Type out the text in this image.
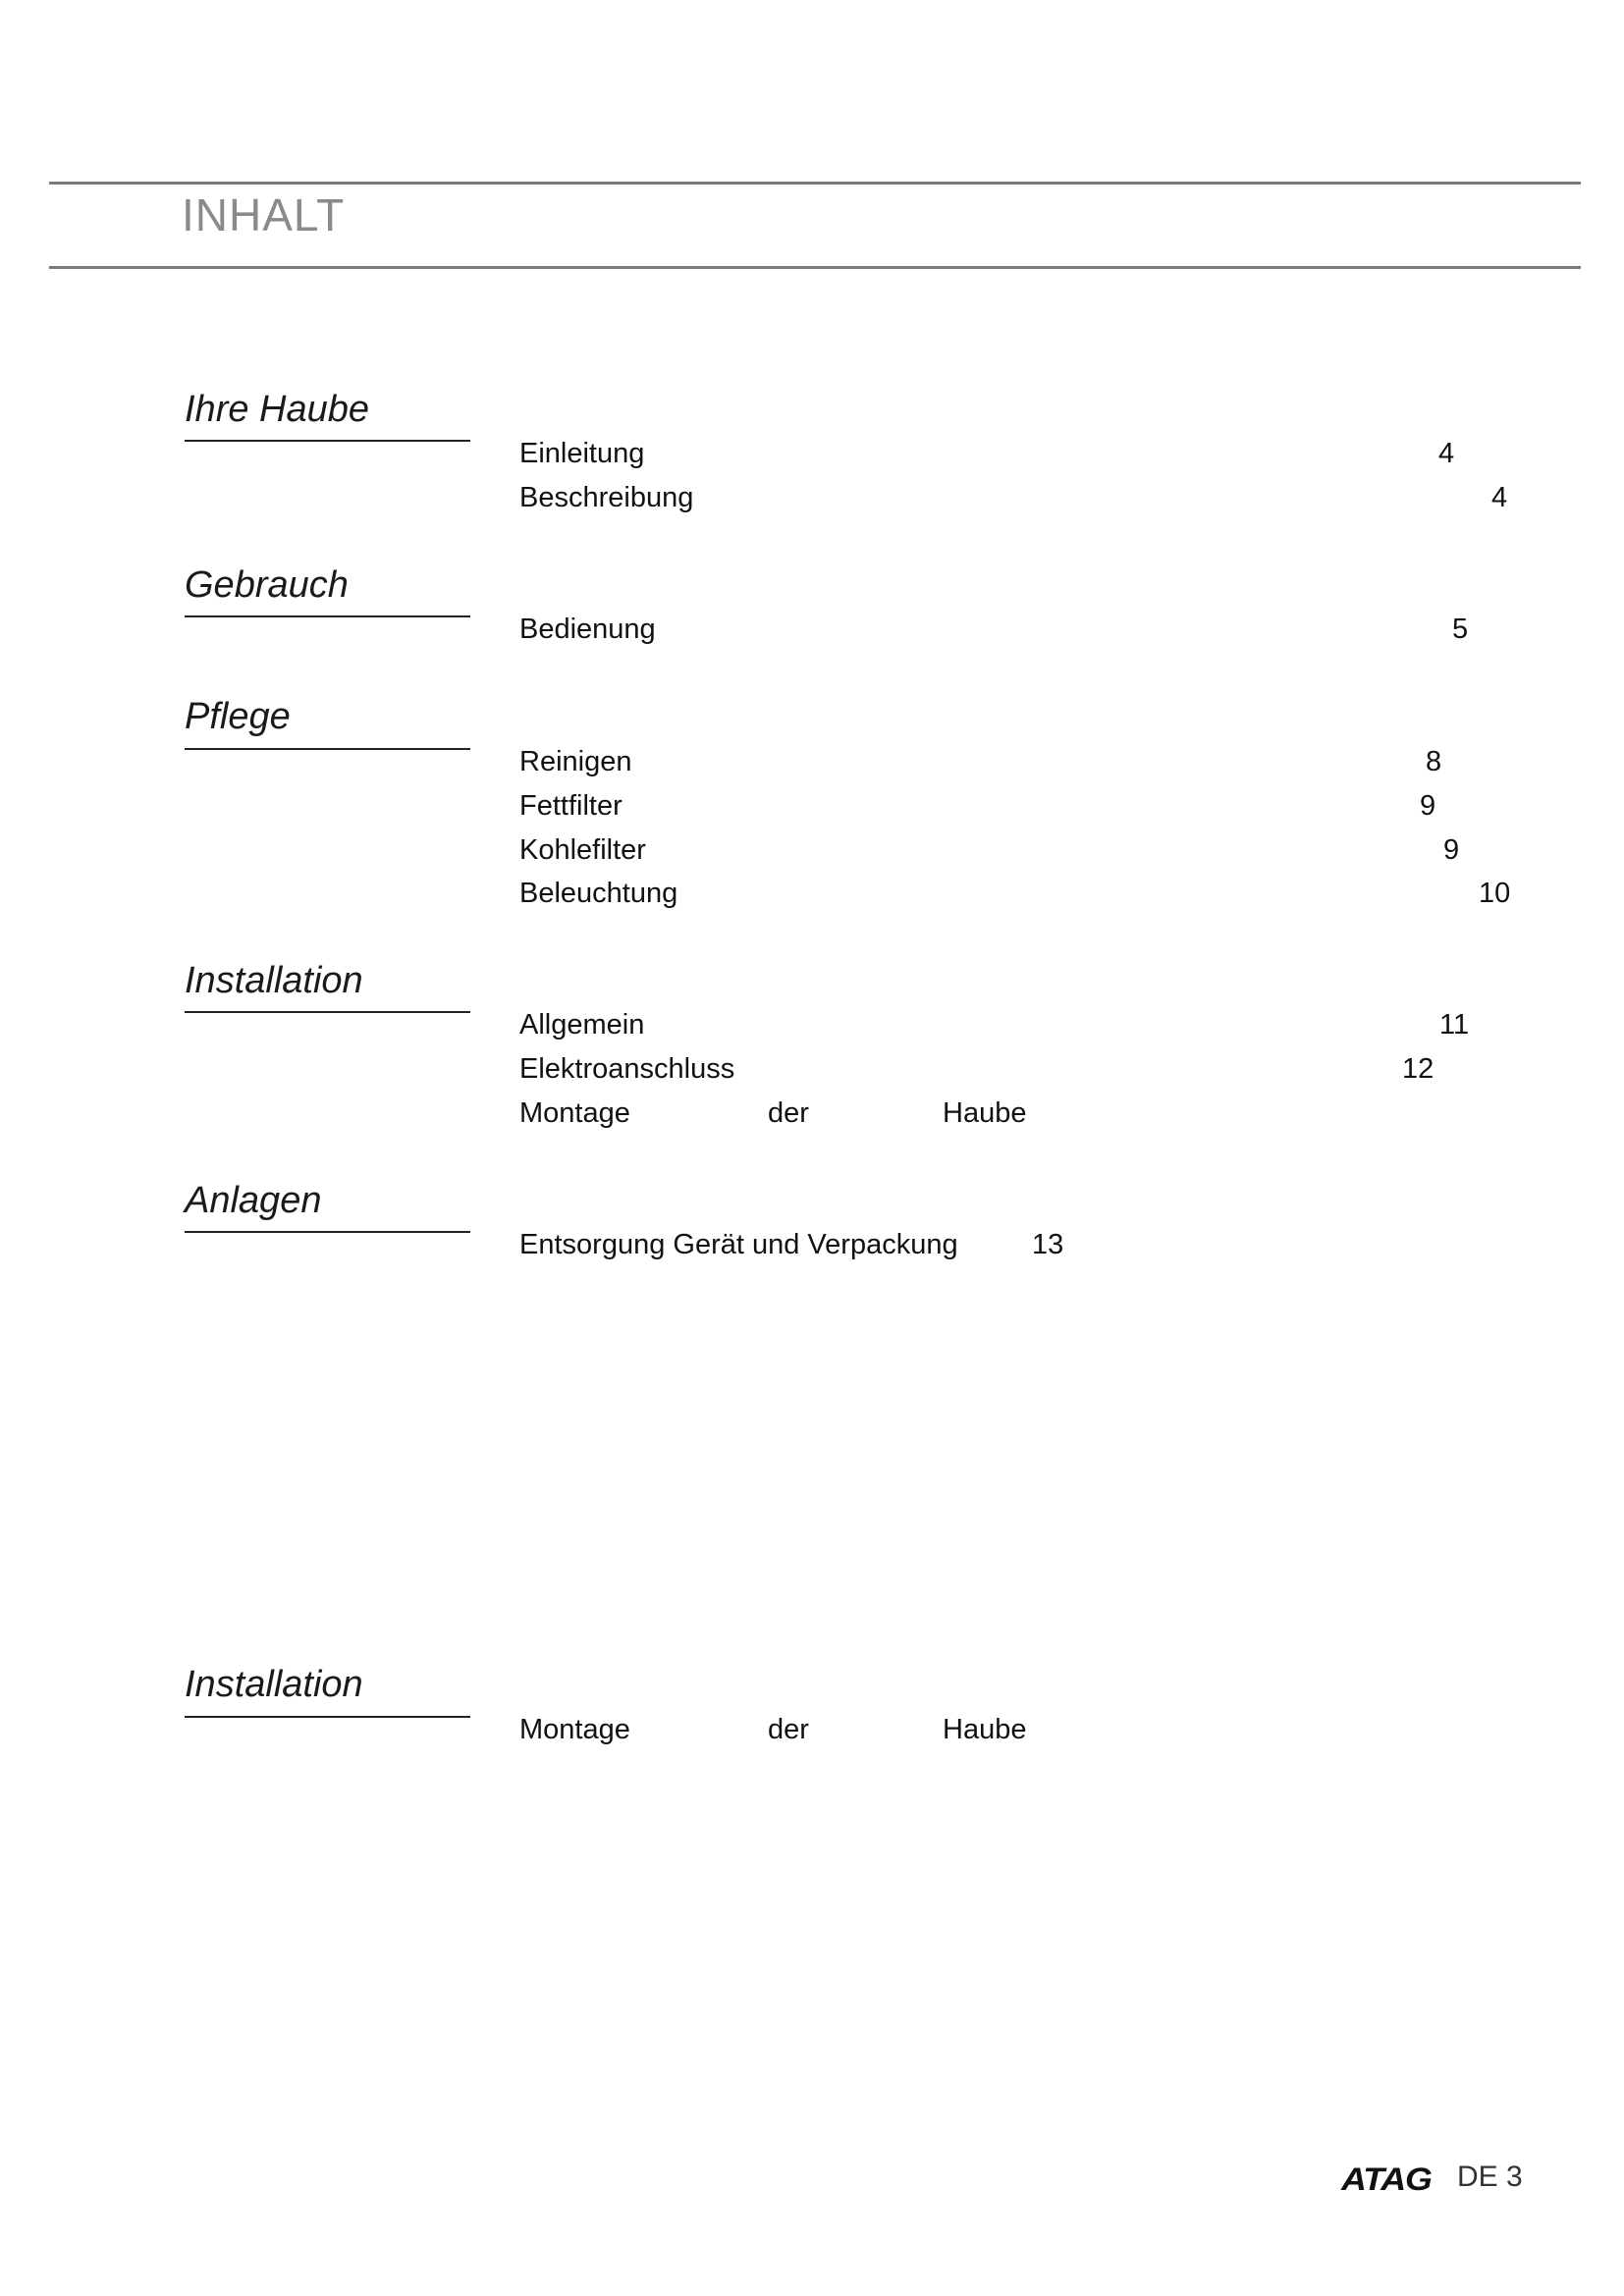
INHALT
Ihre Haube
Einleitung	4
Beschreibung	4
Gebrauch
Bedienung	5
Pflege
Reinigen	8
Fettfilter	9
Kohlefilter	9
Beleuchtung	10
Installation
Allgemein	11
Elektroanschluss	12
Montage	der	Haube
Anlagen
Entsorgung Gerät und Verpackung	13
Installation
Montage	der	Haube
ATAG DE 3
